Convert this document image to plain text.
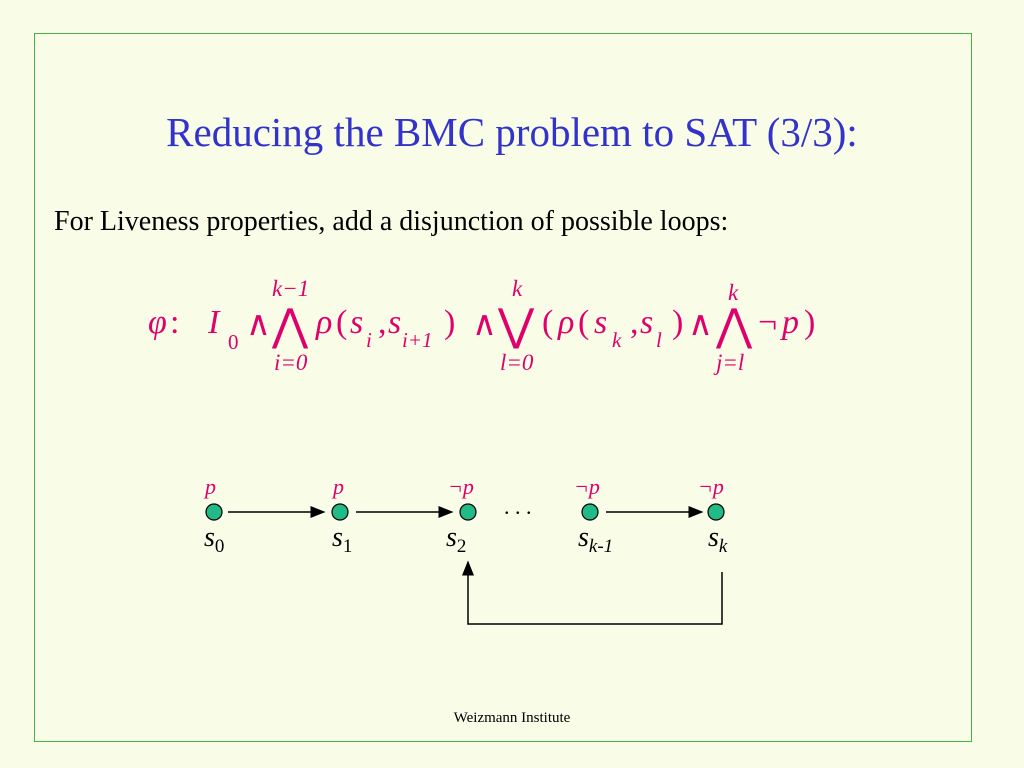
Reducing the BMC problem to SAT (3/3):
For Liveness properties, add a disjunction of possible loops:
φ : I
0 ∧
k−1
⋀
i=0
ρ ( s i , s i+1 ) ∧
k
⋁
l=0
( ρ ( s k , s l ) ∧
k
⋀
j=l
¬ p )
p	p	¬p	¬p	¬p
. . .
$s_0$	$s_1$	$s_2$	$s_{k-1}$	$s_k$
Weizmann Institute
